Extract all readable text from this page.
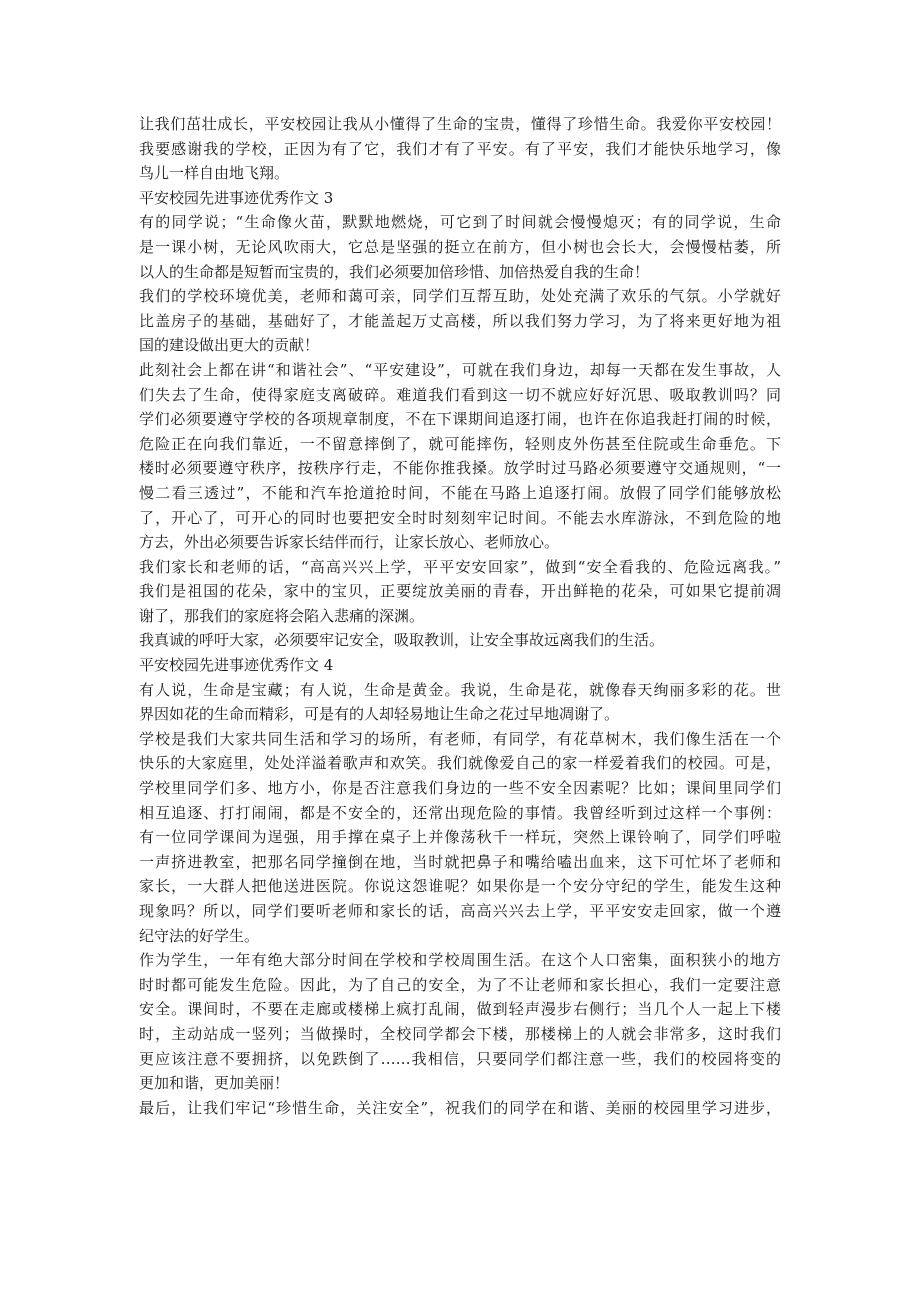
让我们茁壮成长，平安校园让我从小懂得了生命的宝贵，懂得了珍惜生命。我爱你平安校园！
我要感谢我的学校，正因为有了它，我们才有了平安。有了平安，我们才能快乐地学习，像
鸟儿一样自由地飞翔。
平安校园先进事迹优秀作文 3
有的同学说；“生命像火苗，默默地燃烧，可它到了时间就会慢慢熄灭；有的同学说，生命
是一课小树，无论风吹雨大，它总是坚强的挺立在前方，但小树也会长大，会慢慢枯萎，所
以人的生命都是短暂而宝贵的，我们必须要加倍珍惜、加倍热爱自我的生命！
我们的学校环境优美，老师和蔼可亲，同学们互帮互助，处处充满了欢乐的气氛。小学就好
比盖房子的基础，基础好了，才能盖起万丈高楼，所以我们努力学习，为了将来更好地为祖
国的建设做出更大的贡献！
此刻社会上都在讲“和谐社会”、“平安建设”，可就在我们身边，却每一天都在发生事故，人
们失去了生命，使得家庭支离破碎。难道我们看到这一切不就应好好沉思、吸取教训吗？同
学们必须要遵守学校的各项规章制度，不在下课期间追逐打闹，也许在你追我赶打闹的时候，
危险正在向我们靠近，一不留意摔倒了，就可能摔伤，轻则皮外伤甚至住院或生命垂危。下
楼时必须要遵守秩序，按秩序行走，不能你推我搡。放学时过马路必须要遵守交通规则，“一
慢二看三透过”，不能和汽车抢道抢时间，不能在马路上追逐打闹。放假了同学们能够放松
了，开心了，可开心的同时也要把安全时时刻刻牢记时间。不能去水库游泳，不到危险的地
方去，外出必须要告诉家长结伴而行，让家长放心、老师放心。
我们家长和老师的话，“高高兴兴上学，平平安安回家”，做到“安全看我的、危险远离我。”
我们是祖国的花朵，家中的宝贝，正要绽放美丽的青春，开出鲜艳的花朵，可如果它提前凋
谢了，那我们的家庭将会陷入悲痛的深渊。
我真诚的呼吁大家，必须要牢记安全，吸取教训，让安全事故远离我们的生活。
平安校园先进事迹优秀作文 4
有人说，生命是宝藏；有人说，生命是黄金。我说，生命是花，就像春天绚丽多彩的花。世
界因如花的生命而精彩，可是有的人却轻易地让生命之花过早地凋谢了。
学校是我们大家共同生活和学习的场所，有老师，有同学，有花草树木，我们像生活在一个
快乐的大家庭里，处处洋溢着歌声和欢笑。我们就像爱自己的家一样爱着我们的校园。可是，
学校里同学们多、地方小，你是否注意我们身边的一些不安全因素呢？比如；课间里同学们
相互追逐、打打闹闹，都是不安全的，还常出现危险的事情。我曾经听到过这样一个事例：
有一位同学课间为逞强，用手撑在桌子上并像荡秋千一样玩，突然上课铃响了，同学们呼啦
一声挤进教室，把那名同学撞倒在地，当时就把鼻子和嘴给嗑出血来，这下可忙坏了老师和
家长，一大群人把他送进医院。你说这怨谁呢？如果你是一个安分守纪的学生，能发生这种
现象吗？所以，同学们要听老师和家长的话，高高兴兴去上学，平平安安走回家，做一个遵
纪守法的好学生。
作为学生，一年有绝大部分时间在学校和学校周围生活。在这个人口密集，面积狭小的地方
时时都可能发生危险。因此，为了自己的安全，为了不让老师和家长担心，我们一定要注意
安全。课间时，不要在走廊或楼梯上疯打乱闹，做到轻声漫步右侧行；当几个人一起上下楼
时，主动站成一竖列；当做操时，全校同学都会下楼，那楼梯上的人就会非常多，这时我们
更应该注意不要拥挤，以免跌倒了……我相信，只要同学们都注意一些，我们的校园将变的
更加和谐，更加美丽！
最后，让我们牢记“珍惜生命，关注安全”，祝我们的同学在和谐、美丽的校园里学习进步，
